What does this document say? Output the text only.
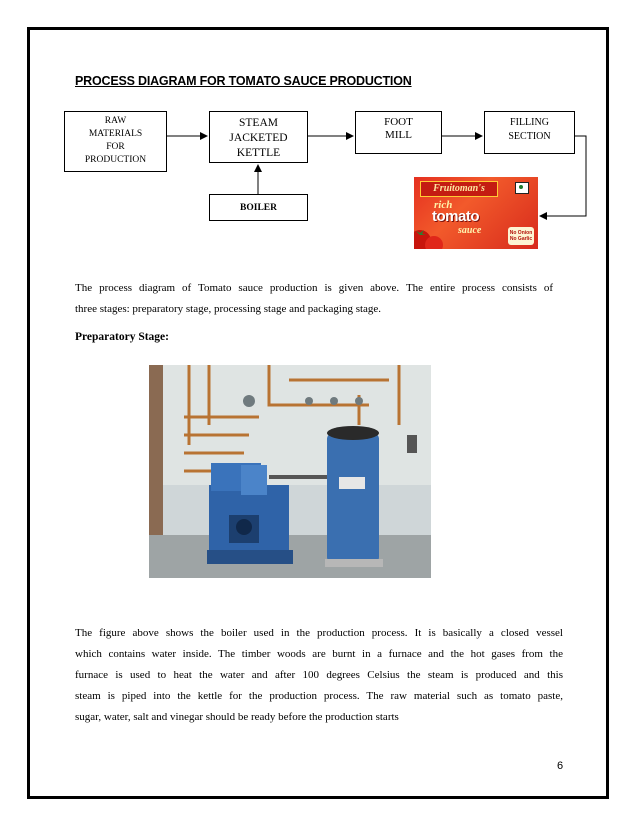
PROCESS DIAGRAM FOR TOMATO SAUCE PRODUCTION
RAW
MATERIALS
FOR
PRODUCTION
STEAM
JACKETED
KETTLE
FOOT
MILL
FILLING
SECTION
BOILER
Fruitoman's
rich
tomato
sauce	No Onion
No Garlic
The process diagram of Tomato sauce production is given above. The entire process consists of
three stages: preparatory stage, processing stage and packaging stage.
Preparatory Stage:
The figure above shows the boiler used in the production process. It is basically a closed vessel
which contains water inside. The timber woods are burnt in a furnace and the hot gases from the
furnace is used to heat the water and after 100 degrees Celsius the steam is produced and this
steam is piped into the kettle for the production process. The raw material such as tomato paste,
sugar, water, salt and vinegar should be ready before the production starts
6
